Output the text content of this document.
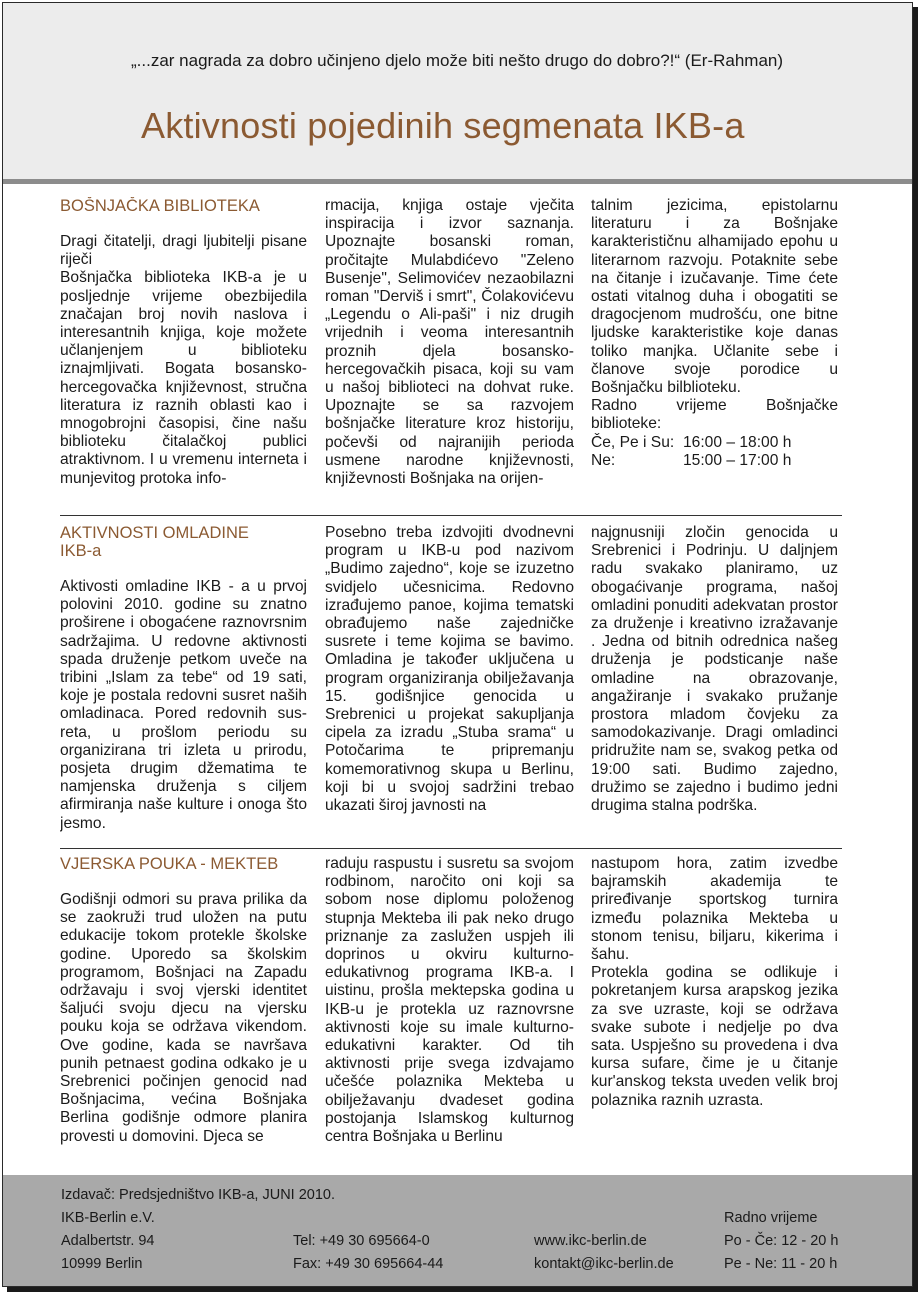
„...zar nagrada za dobro učinjeno djelo može biti nešto drugo do dobro?!“ (Er-Rahman)
Aktivnosti pojedinih segmenata IKB-a
BOŠNJAČKA BIBLIOTEKA

Dragi čitatelji, dragi ljubitelji pisane riječi
Bošnjačka biblioteka IKB-a je u posljednje vrijeme obezbijedila značajan broj novih naslova i interesantnih knjiga, koje možete učlanjenjem u biblioteku iznajmljivati. Bogata bosansko-hercegovačka književnost, stručna literatura iz raznih oblasti kao i mnogobrojni časopisi, čine našu biblioteku čitalačkoj publici atraktivnom. I u vremenu interneta i munjevitog protoka info-

rmacija, knjiga ostaje vječita inspiracija i izvor saznanja. Upoznajte bosanski roman, pročitajte Mulabdićevo "Zeleno Busenje", Selimovićev nezaobilazni roman "Derviš i smrt", Čolakovićevu „Legendu o Ali-paši" i niz drugih vrijednih i veoma interesantnih proznih djela bosansko-hercegovačkih pisaca, koji su vam u našoj biblioteci na dohvat ruke. Upoznajte se sa razvojem bošnjačke literature kroz historiju, počevši od najranijih perioda usmene narodne književnosti, književnosti Bošnjaka na orijen-

talnim jezicima, epistolarnu literaturu i za Bošnjake karakterističnu alhamijado epohu u literarnom razvoju. Potaknite sebe na čitanje i izučavanje. Time ćete ostati vitalnog duha i obogatiti se dragocjenom mudrošću, one bitne ljudske karakteristike koje danas toliko manjka. Učlanite sebe i članove svoje porodice u Bošnjačku bilblioteku.

Radno vrijeme Bošnjačke biblioteke:

Če, Pe i Su: 16:00 – 18:00 h
Ne:	15:00 – 17:00 h
AKTIVNOSTI OMLADINE
IKB-a

Aktivosti omladine IKB - a u prvoj polovini 2010. godine su znatno proširene i obogaćene raznovrsnim sadržajima. U redovne aktivnosti spada druženje petkom uveče na tribini „Islam za tebe“ od 19 sati, koje je postala redovni susret naših omladinaca. Pored redovnih sus-reta, u prošlom periodu su organizirana tri izleta u prirodu, posjeta drugim džematima te namjenska druženja s ciljem afirmiranja naše kulture i onoga što jesmo.

Posebno treba izdvojiti dvodnevni program u IKB-u pod nazivom „Budimo zajedno“, koje se izuzetno svidjelo učesnicima. Redovno izrađujemo panoe, kojima tematski obrađujemo naše zajedničke susrete i teme kojima se bavimo. Omladina je također uključena u program organiziranja obilježavanja 15. godišnjice genocida u Srebrenici u projekat sakupljanja cipela za izradu „Stuba srama“ u Potočarima te pripremanju komemorativnog skupa u Berlinu, koji bi u svojoj sadržini trebao ukazati široj javnosti na

najgnusniji zločin genocida u Srebrenici i Podrinju. U daljnjem radu svakako planiramo, uz obogaćivanje programa, našoj omladini ponuditi adekvatan prostor za druženje i kreativno izražavanje . Jedna od bitnih odrednica našeg druženja je podsticanje naše omladine na obrazovanje, angažiranje i svakako pružanje prostora mladom čovjeku za samodokazivanje. Dragi omladinci pridružite nam se, svakog petka od 19:00 sati. Budimo zajedno, družimo se zajedno i budimo jedni drugima stalna podrška.

VJERSKA POUKA - MEKTEB

Godišnji odmori su prava prilika da se zaokruži trud uložen na putu edukacije tokom protekle školske godine. Uporedo sa školskim programom, Bošnjaci na Zapadu održavaju i svoj vjerski identitet šaljući svoju djecu na vjersku pouku koja se održava vikendom. Ove godine, kada se navršava punih petnaest godina odkako je u Srebrenici počinjen genocid nad Bošnjacima, većina Bošnjaka Berlina godišnje odmore planira provesti u domovini. Djeca se

raduju raspustu i susretu sa svojom rodbinom, naročito oni koji sa sobom nose diplomu položenog stupnja Mekteba ili pak neko drugo priznanje za zaslužen uspjeh ili doprinos u okviru kulturno-edukativnog programa IKB-a. I uistinu, prošla mektepska godina u IKB-u je protekla uz raznovrsne aktivnosti koje su imale kulturno-edukativni karakter. Od tih aktivnosti prije svega izdvajamo učešće polaznika Mekteba u obilježavanju dvadeset godina postojanja Islamskog kulturnog centra Bošnjaka u Berlinu

nastupom hora, zatim izvedbe bajramskih akademija te priređivanje sportskog turnira između polaznika Mekteba u stonom tenisu, biljaru, kikerima i šahu.
Protekla godina se odlikuje i pokretanjem kursa arapskog jezika za sve uzraste, koji se održava svake subote i nedjelje po dva sata. Uspješno su provedena i dva kursa sufare, čime je u čitanje kur'anskog teksta uveden velik broj polaznika raznih uzrasta.

Izdavač: Predsjedništvo IKB-a, JUNI 2010.
IKB-Berlin e.V.
Adalbertstr. 94
10999 Berlin
Tel: +49 30 695664-0
Fax: +49 30 695664-44
www.ikc-berlin.de
kontakt@ikc-berlin.de
Radno vrijeme
Po - Če: 12 - 20 h
Pe - Ne: 11 - 20 h
